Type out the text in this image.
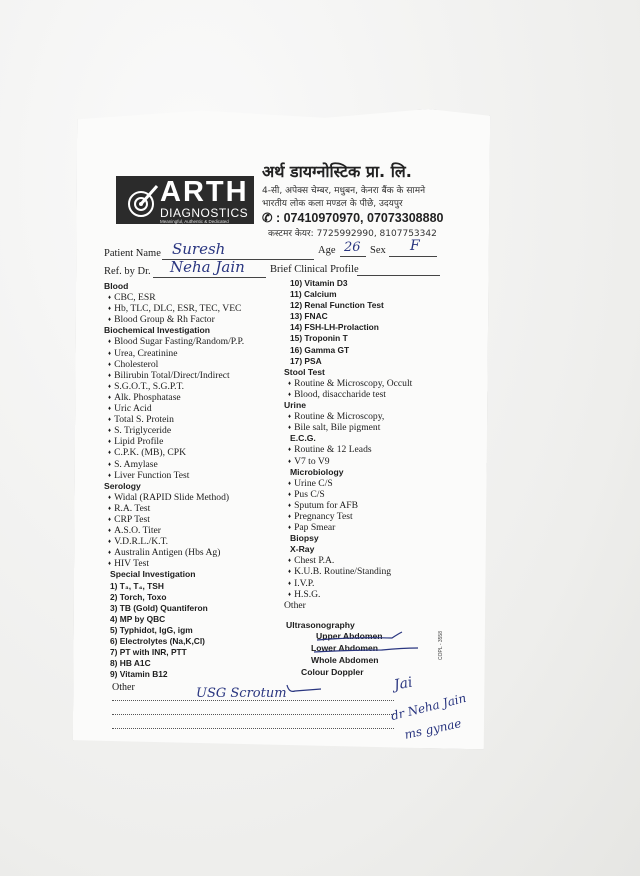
ARTH
DIAGNOSTICS
Meaningful, Authentic & Dedicated
अर्थ डायग्नोस्टिक प्रा. लि.
4-सी, अपेक्स चेम्बर, मधुबन, केनरा बैंक के सामने
भारतीय लोक कला मण्डल के पीछे, उदयपुर
✆ : 07410970970, 07073308880
कस्टमर केयर: 7725992990, 8107753342
Patient Name Suresh	Age 26 Sex F
Ref. by Dr. Neha Jain Brief Clinical Profile
Blood
♦ CBC, ESR
♦ Hb, TLC, DLC, ESR, TEC, VEC
♦ Blood Group & Rh Factor
Biochemical Investigation
♦ Blood Sugar Fasting/Random/P.P.
♦ Urea, Creatinine
♦ Cholesterol
♦ Bilirubin Total/Direct/Indirect
♦ S.G.O.T., S.G.P.T.
♦ Alk. Phosphatase
♦ Uric Acid
♦ Total S. Protein
♦ S. Triglyceride
♦ Lipid Profile
♦ C.P.K. (MB), CPK
♦ S. Amylase
♦ Liver Function Test
Serology
♦ Widal (RAPID Slide Method)
♦ R.A. Test
♦ CRP Test
♦ A.S.O. Titer
♦ V.D.R.L./K.T.
♦ Australin Antigen (Hbs Ag)
♦ HIV Test
Special Investigation
1) T₃, T₄, TSH
2) Torch, Toxo
3) TB (Gold) Quantiferon
4) MP by QBC
5) Typhidot, IgG, igm
6) Electrolytes (Na,K,Cl)
7) PT with INR, PTT
8) HB A1C
9) Vitamin B12
10) Vitamin D3
11) Calcium
12) Renal Function Test
13) FNAC
14) FSH-LH-Prolaction
15) Troponin T
16) Gamma GT
17) PSA
Stool Test
♦ Routine & Microscopy, Occult
♦ Blood, disaccharide test
Urine
♦ Routine & Microscopy,
♦ Bile salt, Bile pigment
E.C.G.
♦ Routine & 12 Leads
♦ V7 to V9
Microbiology
♦ Urine C/S
♦ Pus C/S
♦ Sputum for AFB
♦ Pregnancy Test
♦ Pap Smear
Biopsy
X-Ray
♦ Chest P.A.
♦ K.U.B. Routine/Standing
♦ I.V.P.
♦ H.S.G.
Other
Ultrasonography
Upper Abdomen
Lower Abdomen
Whole Abdomen
Colour Doppler
COPL - 3558
Other	USG Scrotum
Jai
dr Neha Jain
ms gynae
